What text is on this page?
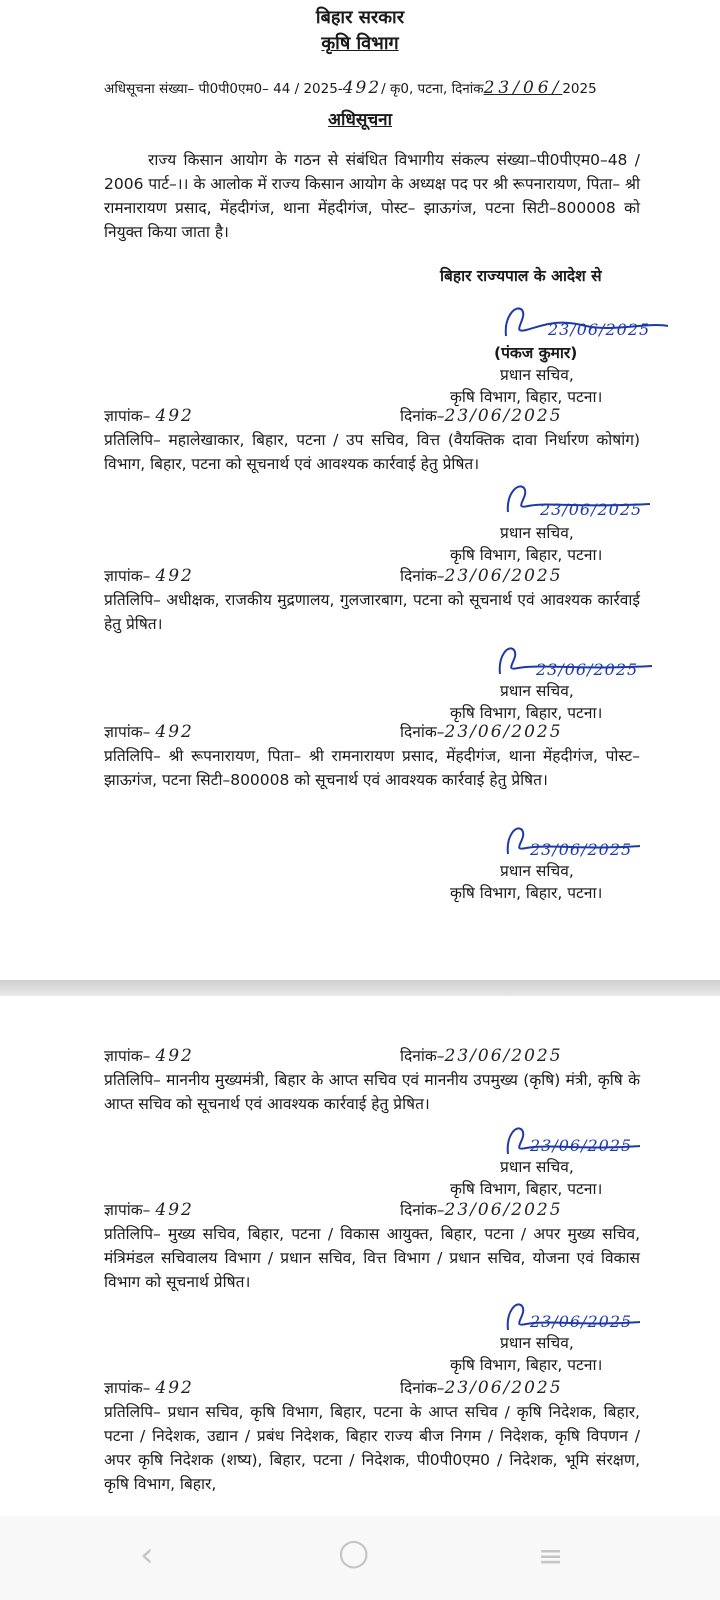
बिहार सरकार
कृषि विभाग
अधिसूचना संख्या– पी0पी0एम0– 44 / 2025-492/ कृ0, पटना, दिनांक23/06/2025
अधिसूचना
राज्य किसान आयोग के गठन से संबंधित विभागीय संकल्प संख्या–पी0पीएम0–48 / 2006 पार्ट–।। के आलोक में राज्य किसान आयोग के अध्यक्ष पद पर श्री रूपनारायण, पिता– श्री रामनारायण प्रसाद, मेंहदीगंज, थाना मेंहदीगंज, पोस्ट– झाऊगंज, पटना सिटी–800008 को नियुक्त किया जाता है।
बिहार राज्यपाल के आदेश से
23/06/2025
(पंकज कुमार)
प्रधान सचिव,
कृषि विभाग, बिहार, पटना।
ज्ञापांक– 492	दिनांक–23/06/2025
प्रतिलिपि– महालेखाकार, बिहार, पटना / उप सचिव, वित्त (वैयक्तिक दावा निर्धारण कोषांग) विभाग, बिहार, पटना को सूचनार्थ एवं आवश्यक कार्रवाई हेतु प्रेषित।
23/06/2025
प्रधान सचिव,
कृषि विभाग, बिहार, पटना।
ज्ञापांक– 492	दिनांक–23/06/2025
प्रतिलिपि– अधीक्षक, राजकीय मुद्रणालय, गुलजारबाग, पटना को सूचनार्थ एवं आवश्यक कार्रवाई हेतु प्रेषित।
23/06/2025
प्रधान सचिव,
कृषि विभाग, बिहार, पटना।
ज्ञापांक– 492	दिनांक–23/06/2025
प्रतिलिपि– श्री रूपनारायण, पिता– श्री रामनारायण प्रसाद, मेंहदीगंज, थाना मेंहदीगंज, पोस्ट– झाऊगंज, पटना सिटी–800008 को सूचनार्थ एवं आवश्यक कार्रवाई हेतु प्रेषित।
23/06/2025
प्रधान सचिव,
कृषि विभाग, बिहार, पटना।
ज्ञापांक– 492	दिनांक–23/06/2025
प्रतिलिपि– माननीय मुख्यमंत्री, बिहार के आप्त सचिव एवं माननीय उपमुख्य (कृषि) मंत्री, कृषि के आप्त सचिव को सूचनार्थ एवं आवश्यक कार्रवाई हेतु प्रेषित।
23/06/2025
प्रधान सचिव,
कृषि विभाग, बिहार, पटना।
ज्ञापांक– 492	दिनांक–23/06/2025
प्रतिलिपि– मुख्य सचिव, बिहार, पटना / विकास आयुक्त, बिहार, पटना / अपर मुख्य सचिव, मंत्रिमंडल सचिवालय विभाग / प्रधान सचिव, वित्त विभाग / प्रधान सचिव, योजना एवं विकास विभाग को सूचनार्थ प्रेषित।
23/06/2025
प्रधान सचिव,
कृषि विभाग, बिहार, पटना।
ज्ञापांक– 492	दिनांक–23/06/2025
प्रतिलिपि– प्रधान सचिव, कृषि विभाग, बिहार, पटना के आप्त सचिव / कृषि निदेशक, बिहार, पटना / निदेशक, उद्यान / प्रबंध निदेशक, बिहार राज्य बीज निगम / निदेशक, कृषि विपणन / अपर कृषि निदेशक (शष्य), बिहार, पटना / निदेशक, पी0पी0एम0 / निदेशक, भूमि संरक्षण, कृषि विभाग, बिहार,
‹	○	≡
